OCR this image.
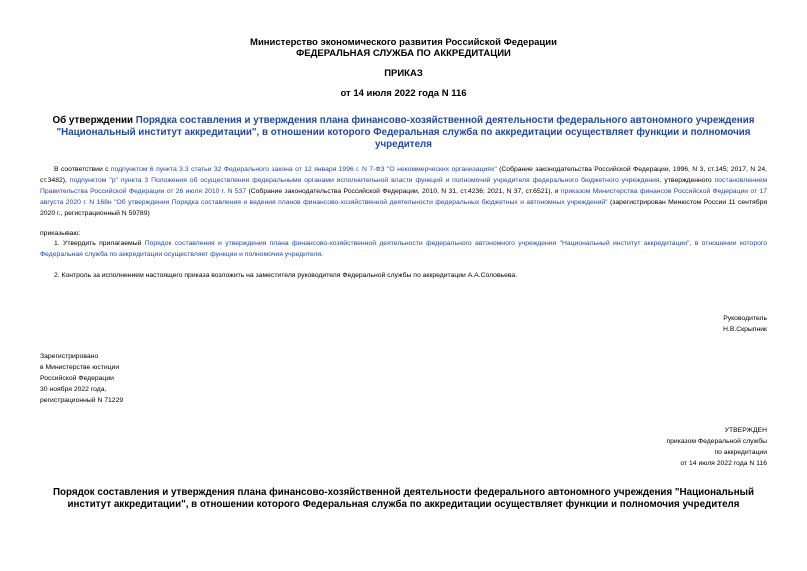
Министерство экономического развития Российской Федерации
ФЕДЕРАЛЬНАЯ СЛУЖБА ПО АККРЕДИТАЦИИ
ПРИКАЗ
от 14 июля 2022 года N 116
Об утверждении Порядка составления и утверждения плана финансово-хозяйственной деятельности федерального автономного учреждения "Национальный институт аккредитации", в отношении которого Федеральная служба по аккредитации осуществляет функции и полномочия учредителя
В соответствии с подпунктом 6 пункта 3.3 статьи 32 Федерального закона от 12 января 1996 г. N 7-ФЗ "О некоммерческих организациях" (Собрание законодательства Российской Федерации, 1996, N 3, ст.145; 2017, N 24, ст.3482), подпунктом "р" пункта 3 Положения об осуществлении федеральными органами исполнительной власти функций и полномочий учредителя федерального бюджетного учреждения, утвержденного постановлением Правительства Российской Федерации от 26 июля 2010 г. N 537 (Собрание законодательства Российской Федерации, 2010, N 31, ст.4236; 2021, N 37, ст.6521), и приказом Министерства финансов Российской Федерации от 17 августа 2020 г. N 168н "Об утверждении Порядка составления и ведения планов финансово-хозяйственной деятельности федеральных бюджетных и автономных учреждений" (зарегистрирован Минюстом России 11 сентября 2020 г., регистрационный N 59789)
приказываю:
1. Утвердить прилагаемый Порядок составления и утверждения плана финансово-хозяйственной деятельности федерального автономного учреждения "Национальный институт аккредитации", в отношении которого Федеральная служба по аккредитации осуществляет функции и полномочия учредителя.
2. Контроль за исполнением настоящего приказа возложить на заместителя руководителя Федеральной службы по аккредитации А.А.Соловьева.
Руководитель
Н.В.Скрыпник
Зарегистрировано
в Министерстве юстиции
Российской Федерации
30 ноября 2022 года,
регистрационный N 71229
УТВЕРЖДЕН
приказом Федеральной службы
по аккредитации
от 14 июля 2022 года N 116
Порядок составления и утверждения плана финансово-хозяйственной деятельности федерального автономного учреждения "Национальный институт аккредитации", в отношении которого Федеральная служба по аккредитации осуществляет функции и полномочия учредителя
